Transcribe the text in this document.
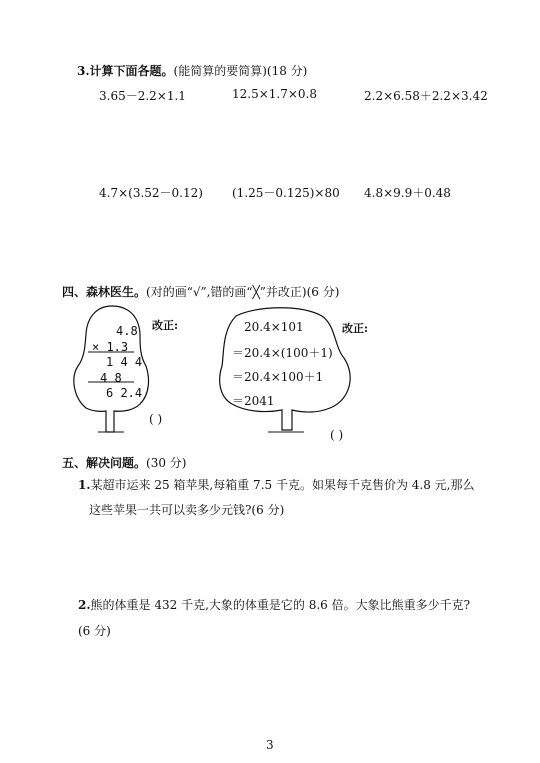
3.计算下面各题。(能简算的要简算)(18 分)
3.65－2.2×1.1	12.5×1.7×0.8	2.2×6.58＋2.2×3.42
4.7×(3.52－0.12) (1.25－0.125)×80 4.8×9.9＋0.48
四、森林医生。(对的画“√”,错的画“╳”并改正)(6 分)
4.8
× 1.3
1 4 4
4 8
6 2.4
改正:
( )
20.4×101
＝20.4×(100＋1)
＝20.4×100＋1
＝2041
改正:
( )
五、解决问题。(30 分)
1.某超市运来 25 箱苹果,每箱重 7.5 千克。如果每千克售价为 4.8 元,那么
这些苹果一共可以卖多少元钱?(6 分)
2.熊的体重是 432 千克,大象的体重是它的 8.6 倍。大象比熊重多少千克?
(6 分)
3
